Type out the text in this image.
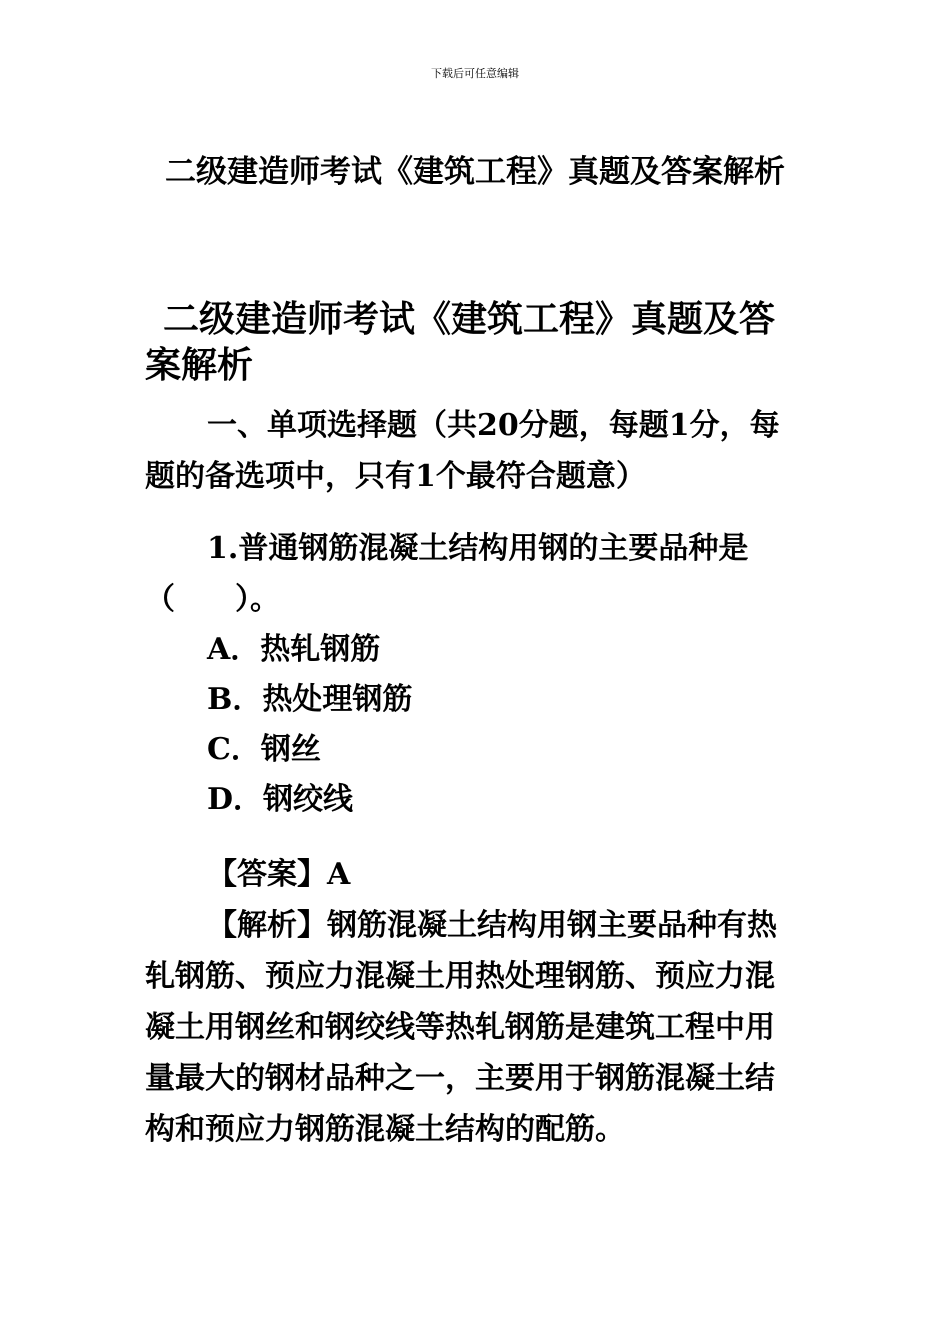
下载后可任意编辑
二级建造师考试《建筑工程》真题及答案解析
二级建造师考试《建筑工程》真题及答案解析

一、单项选择题（共20分题，每题1分，每题的备选项中，只有1个最符合题意）

1.普通钢筋混凝土结构用钢的主要品种是（　　）。

A．热轧钢筋

B．热处理钢筋

C．钢丝

D．钢绞线

【答案】A

【解析】钢筋混凝土结构用钢主要品种有热轧钢筋、预应力混凝土用热处理钢筋、预应力混凝土用钢丝和钢绞线等热轧钢筋是建筑工程中用量最大的钢材品种之一，主要用于钢筋混凝土结构和预应力钢筋混凝土结构的配筋。
